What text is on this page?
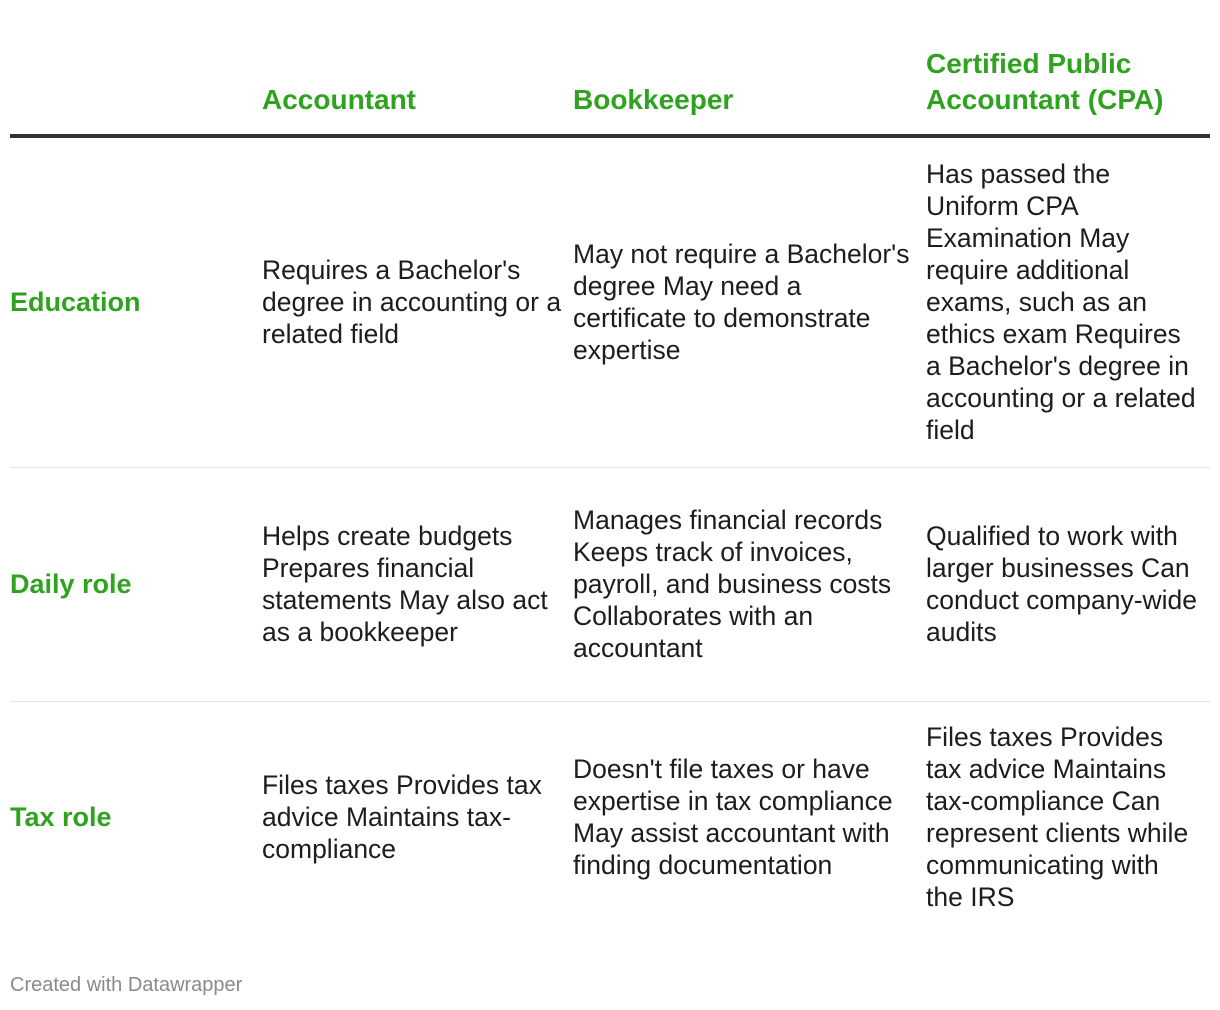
	Accountant	Bookkeeper	Certified Public Accountant (CPA)
Education	Requires a Bachelor's degree in accounting or a related field	May not require a Bachelor's degree May need a certificate to demonstrate expertise	Has passed the Uniform CPA Examination May require additional exams, such as an ethics exam Requires a Bachelor's degree in accounting or a related field
Daily role	Helps create budgets Prepares financial statements May also act as a bookkeeper	Manages financial records Keeps track of invoices, payroll, and business costs Collaborates with an accountant	Qualified to work with larger businesses Can conduct company-wide audits
Tax role	Files taxes Provides tax advice Maintains tax-compliance	Doesn't file taxes or have expertise in tax compliance May assist accountant with finding documentation	Files taxes Provides tax advice Maintains tax-compliance Can represent clients while communicating with the IRS
Created with Datawrapper
